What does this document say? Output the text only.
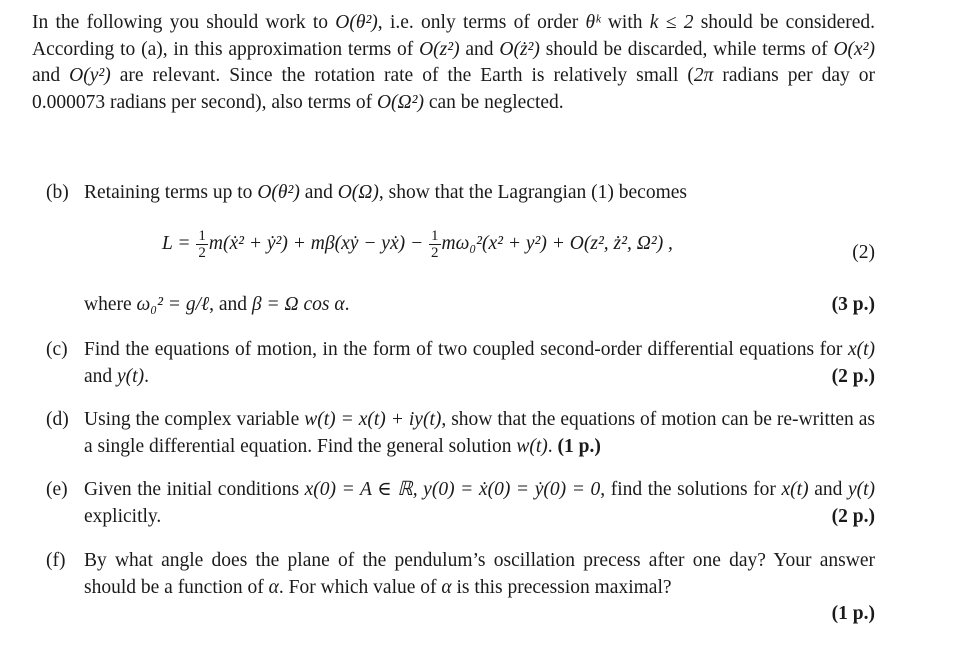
In the following you should work to O(θ²), i.e. only terms of order θᵏ with k ≤ 2 should be considered. According to (a), in this approximation terms of O(z²) and O(ż²) should be discarded, while terms of O(x²) and O(y²) are relevant. Since the rotation rate of the Earth is relatively small (2π radians per day or 0.000073 radians per second), also terms of O(Ω²) can be neglected.

(b) Retaining terms up to O(θ²) and O(Ω), show that the Lagrangian (1) becomes
$L = \frac{1}{2}$ m(ẋ² + ẏ²) + mβ(xẏ − yẋ) − $\frac{1}{2} m\omega_0^2(x^2 + y^2) + O(z^2$, ż², Ω²) ,	(2)
where ω₀² = g/ℓ, and β = Ω cos α.	(3 p.)
(c) Find the equations of motion, in the form of two coupled second-order differential equations for x(t) and y(t).	(2 p.)
(d) Using the complex variable w(t) = x(t) + iy(t), show that the equations of motion can be re-written as a single differential equation. Find the general solution w(t). (1 p.)
(e) Given the initial conditions x(0) = A ∈ ℝ, y(0) = ẋ(0) = ẏ(0) = 0, find the solutions for x(t) and y(t) explicitly.	(2 p.)
(f) By what angle does the plane of the pendulum’s oscillation precess after one day? Your answer should be a function of α. For which value of α is this precession maximal?
(1 p.)
